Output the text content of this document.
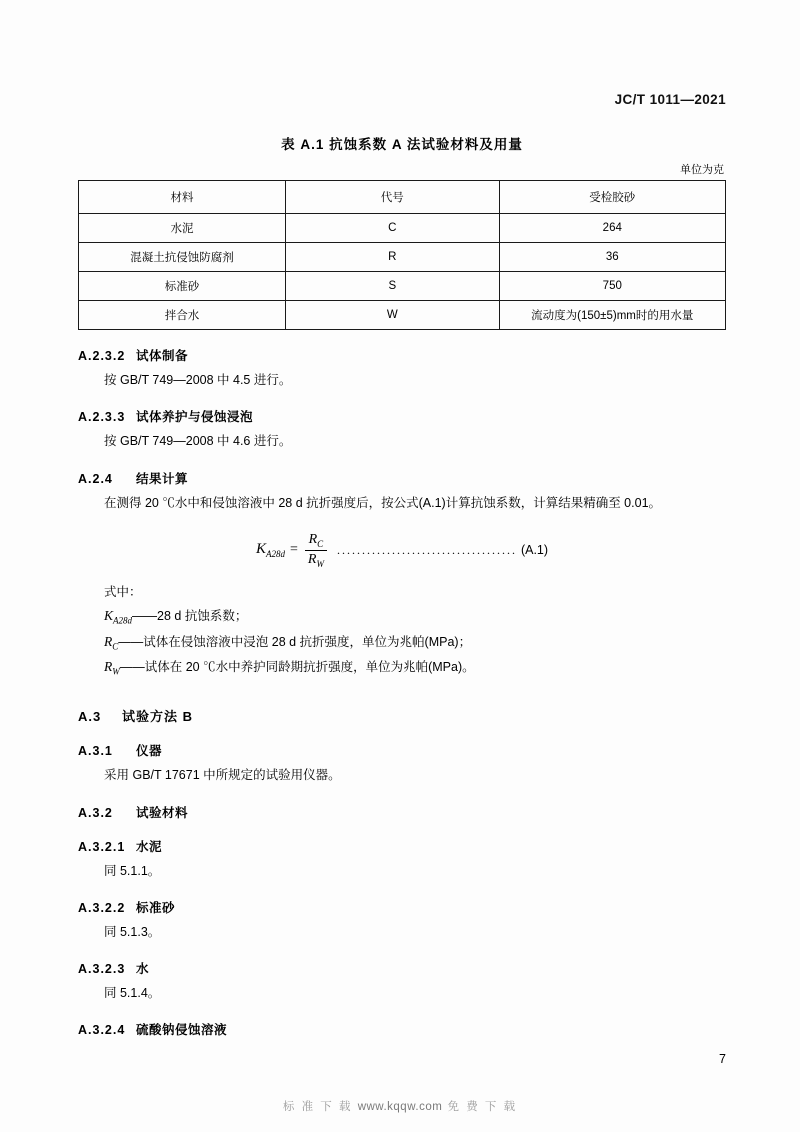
JC/T 1011—2021
表 A.1 抗蚀系数 A 法试验材料及用量
单位为克
材料	代号	受检胶砂
水泥	C	264
混凝土抗侵蚀防腐剂	R	36
标准砂	S	750
拌合水	W	流动度为(150±5)mm时的用水量
A.2.3.2 试体制备
按 GB/T 749—2008 中 4.5 进行。
A.2.3.3 试体养护与侵蚀浸泡
按 GB/T 749—2008 中 4.6 进行。
A.2.4 结果计算
在测得 20 ℃水中和侵蚀溶液中 28 d 抗折强度后，按公式(A.1)计算抗蚀系数，计算结果精确至 0.01。
$K_{A28d} = \frac{R_C}{R_W}$ .................................... (A.1)
式中：
$K_{A28d}——28$ d 抗蚀系数；
$R_C——$试体在侵蚀溶液中浸泡 28 d 抗折强度，单位为兆帕(MPa)；
$R_W——$试体在 20 ℃水中养护同龄期抗折强度，单位为兆帕(MPa)。
A.3 试验方法 B
A.3.1 仪器
采用 GB/T 17671 中所规定的试验用仪器。
A.3.2 试验材料
A.3.2.1 水泥
同 5.1.1。
A.3.2.2 标准砂
同 5.1.3。
A.3.2.3 水
同 5.1.4。
A.3.2.4 硫酸钠侵蚀溶液
7
标 准 下 载 www.kqqw.com 免 费 下 载
